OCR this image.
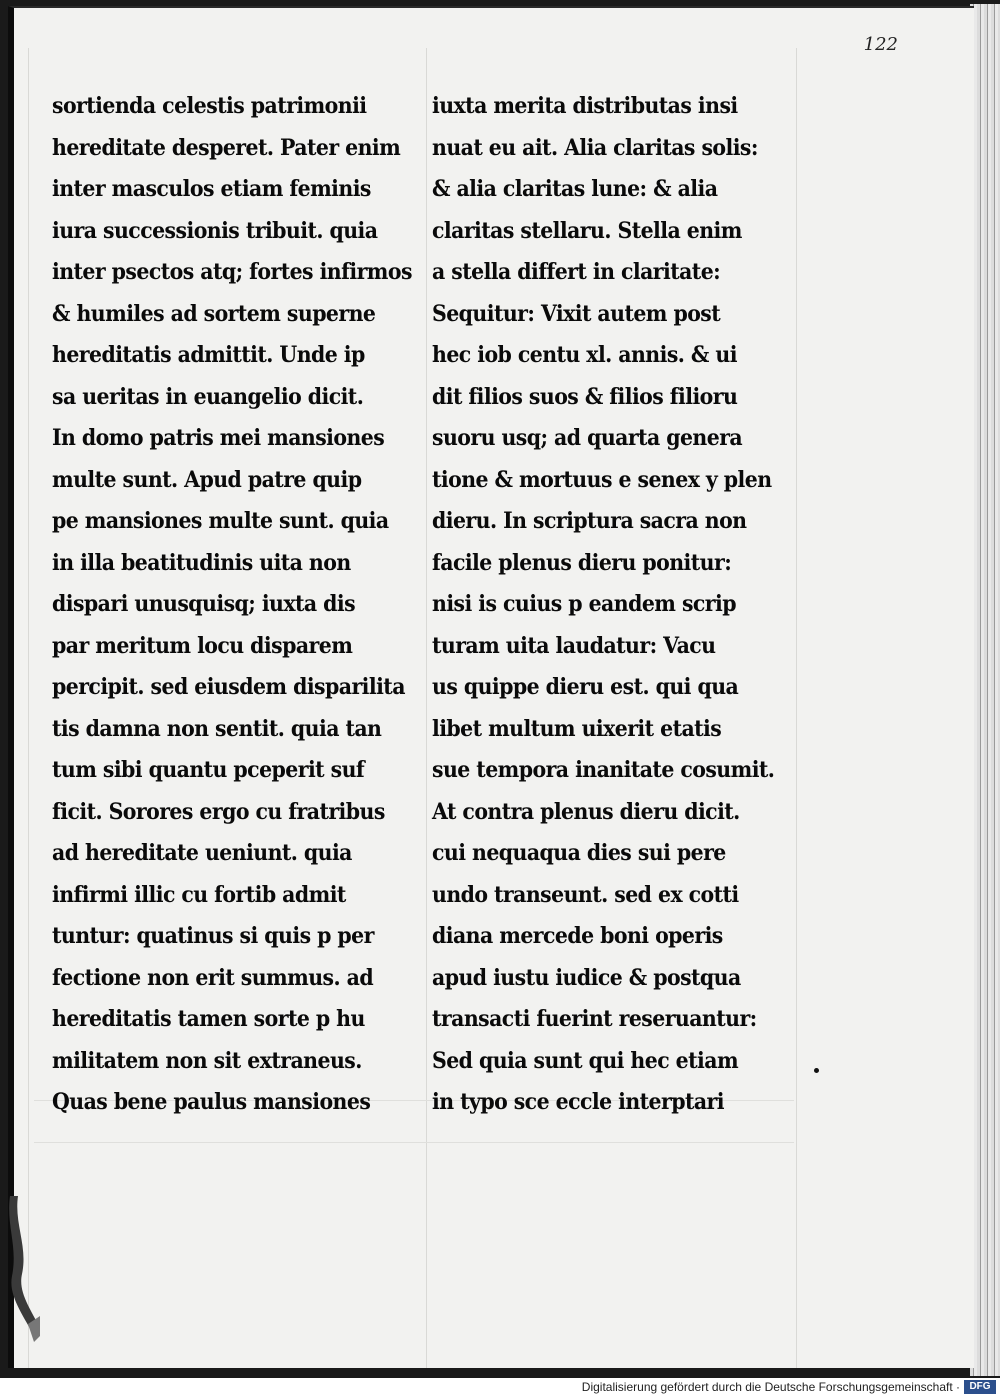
122
sortienda celestis patrimonii
hereditate desperet. Pater enim
inter masculos etiam feminis
iura successionis tribuit. quia
inter psectos atq; fortes infirmos
& humiles ad sortem superne
hereditatis admittit. Unde ip
sa ueritas in euangelio dicit.
In domo patris mei mansiones
multe sunt. Apud patre quip
pe mansiones multe sunt. quia
in illa beatitudinis uita non
dispari unusquisq; iuxta dis
par meritum locu disparem
percipit. sed eiusdem disparilita
tis damna non sentit. quia tan
tum sibi quantu pceperit suf
ficit. Sorores ergo cu fratribus
ad hereditate ueniunt. quia
infirmi illic cu fortib admit
tuntur: quatinus si quis p per
fectione non erit summus. ad
hereditatis tamen sorte p hu
militatem non sit extraneus.
Quas bene paulus mansiones
iuxta merita distributas insi
nuat eu ait. Alia claritas solis:
& alia claritas lune: & alia
claritas stellaru. Stella enim
a stella differt in claritate:
Sequitur: Vixit autem post
hec iob centu xl. annis. & ui
dit filios suos & filios filioru
suoru usq; ad quarta genera
tione & mortuus e senex y plen
dieru. In scriptura sacra non
facile plenus dieru ponitur:
nisi is cuius p eandem scrip
turam uita laudatur: Vacu
us quippe dieru est. qui qua
libet multum uixerit etatis
sue tempora inanitate cosumit.
At contra plenus dieru dicit.
cui nequaqua dies sui pere
undo transeunt. sed ex cotti
diana mercede boni operis
apud iustu iudice & postqua
transacti fuerint reseruantur:
Sed quia sunt qui hec etiam
in typo sce eccle interptari
Digitalisierung gefördert durch die Deutsche Forschungsgemeinschaft · DFG
